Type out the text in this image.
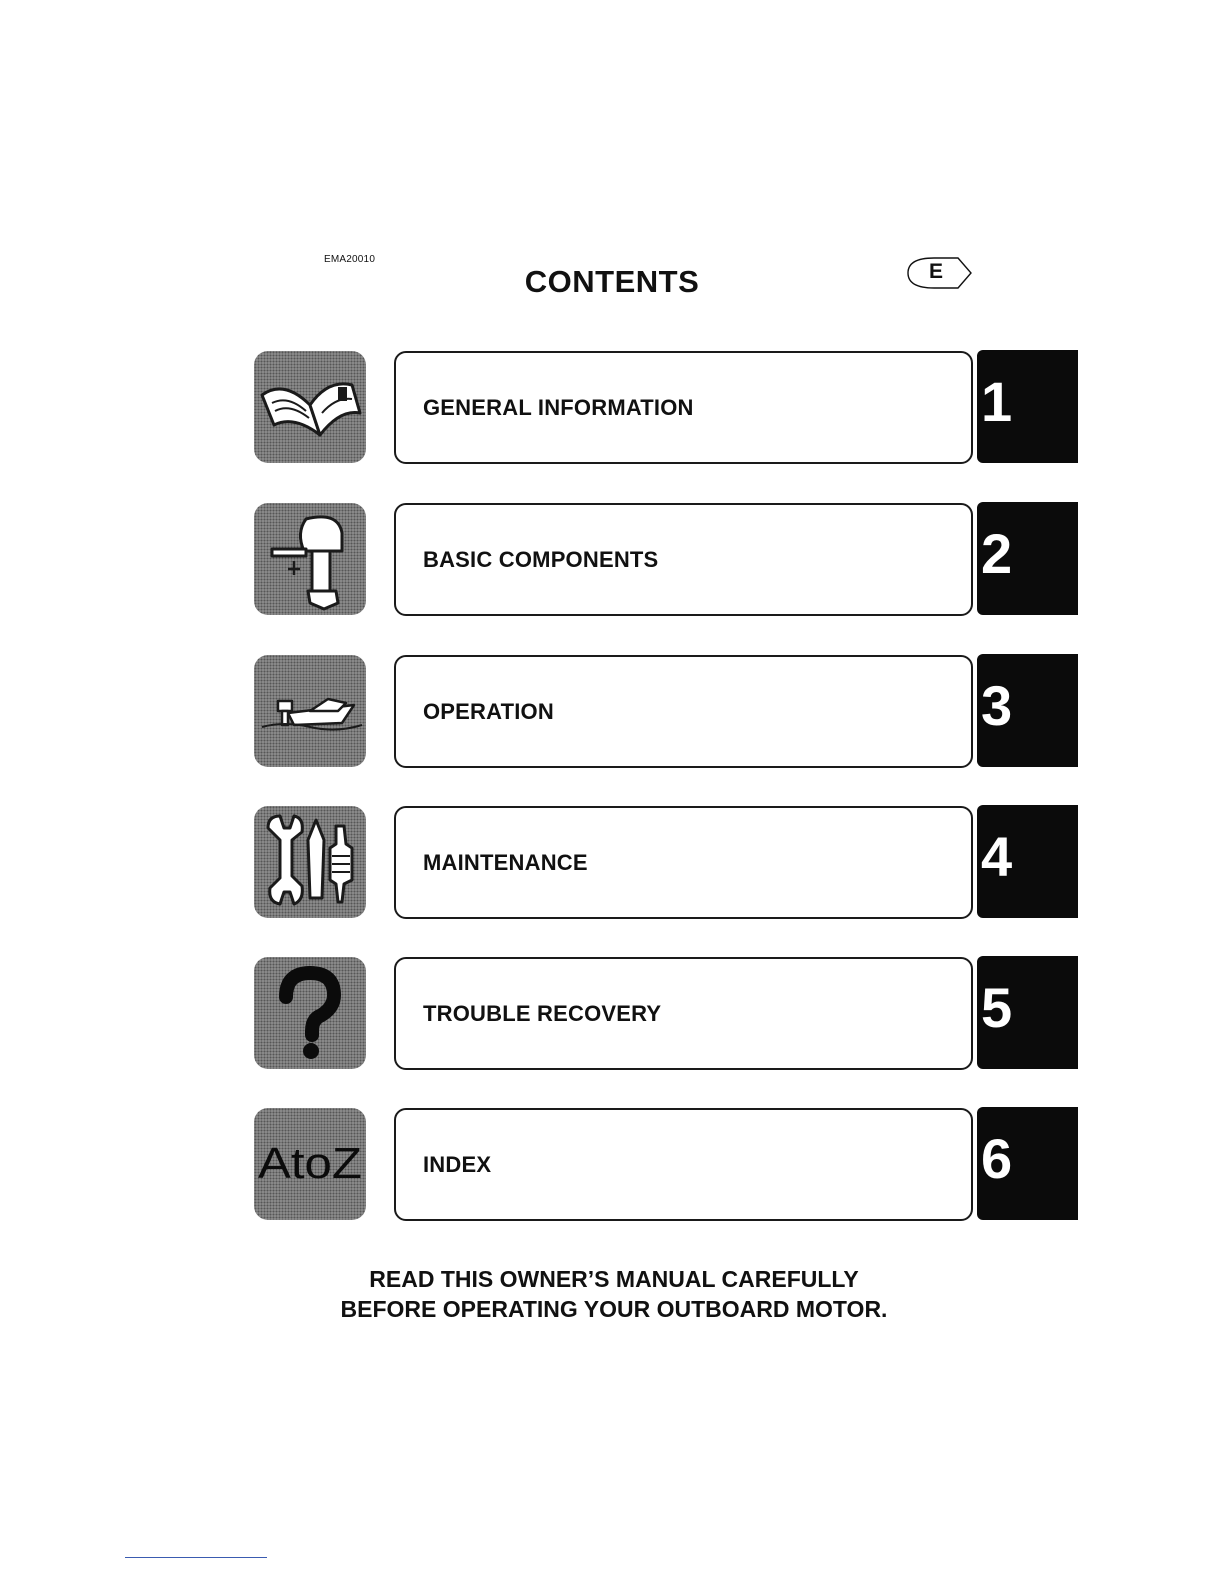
EMA20010
CONTENTS	E
GENERAL INFORMATION	1
BASIC COMPONENTS	2
OPERATION	3
MAINTENANCE	4
TROUBLE RECOVERY	5
AtoZ	INDEX	6
READ THIS OWNER’S MANUAL CAREFULLY
BEFORE OPERATING YOUR OUTBOARD MOTOR.
